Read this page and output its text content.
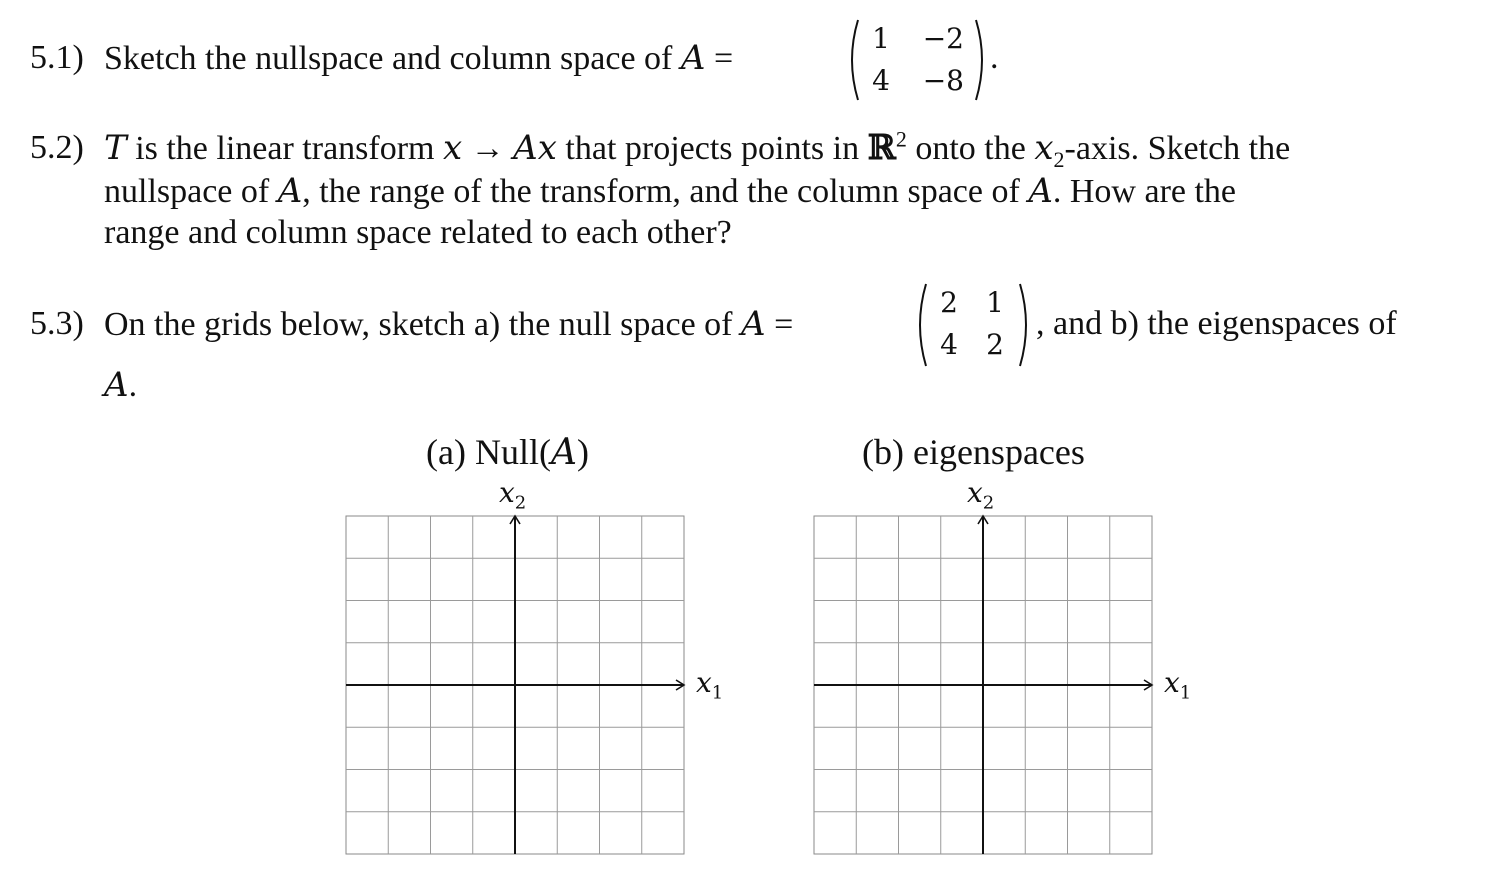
5.1) Sketch the nullspace and column space of A =
1
4
−2
−8
.
5.2) T is the linear transform x → Ax that projects points in ℝ$^2$ onto the $x_2$-axis. Sketch the
nullspace of A, the range of the transform, and the column space of A. How are the
range and column space related to each other?
5.3) On the grids below, sketch a) the null space of A =
2
4
1
2
, and b) the eigenspaces of
A.
(a) Null(A)
$x_2$
$x_1$
(b) eigenspaces
$x_2$
$x_1$
